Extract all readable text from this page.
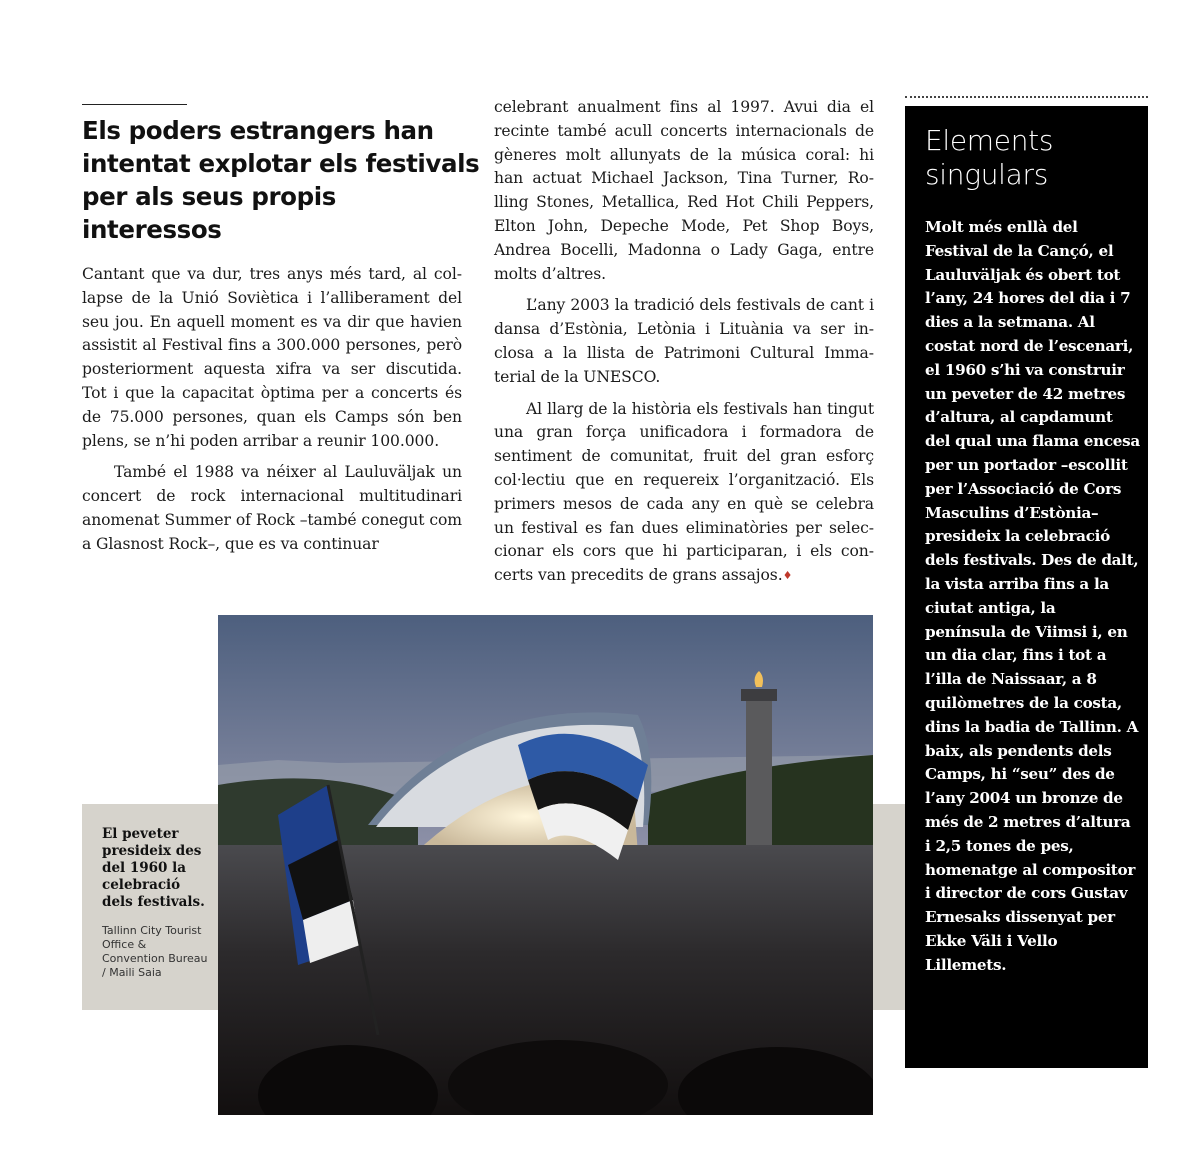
Els poders estrangers han intentat explotar els festivals per als seus propis interessos

Cantant que va dur, tres anys més tard, al collapse de la Unió Soviètica i l’alliberament del seu jou. En aquell moment es va dir que havien assistit al Festival fins a 300.000 persones, però posteriorment aquesta xifra va ser discutida. Tot i que la capacitat òptima per a concerts és de 75.000 persones, quan els Camps són ben plens, se n’hi poden arribar a reunir 100.000.

També el 1988 va néixer al Lauluväljak un concert de rock internacional multitudinari anomenat Summer of Rock –també conegut com a Glasnost Rock–, que es va continuar

celebrant anualment fins al 1997. Avui dia el recinte també acull concerts internacionals de gèneres molt allunyats de la música coral: hi han actuat Michael Jackson, Tina Turner, Rolling Stones, Metallica, Red Hot Chili Peppers, Elton John, Depeche Mode, Pet Shop Boys, Andrea Bocelli, Madonna o Lady Gaga, entre molts d’altres.

L’any 2003 la tradició dels festivals de cant i dansa d’Estònia, Letònia i Lituània va ser inclosa a la llista de Patrimoni Cultural Immaterial de la UNESCO.

Al llarg de la història els festivals han tingut una gran força unificadora i formadora de sentiment de comunitat, fruit del gran esforç col·lectiu que en requereix l’organització. Els primers mesos de cada any en què se celebra un festival es fan dues eliminatòries per seleccionar els cors que hi participaran, i els concerts van precedits de grans assajos.♦

Elements singulars
Molt més enllà del Festival de la Cançó, el Lauluväljak és obert tot l’any, 24 hores del dia i 7 dies a la setmana. Al costat nord de l’escenari, el 1960 s’hi va construir un peveter de 42 metres d’altura, al capdamunt del qual una flama encesa per un portador –escollit per l’Associació de Cors Masculins d’Estònia– presideix la celebració dels festivals. Des de dalt, la vista arriba fins a la ciutat antiga, la península de Viimsi i, en un dia clar, fins i tot a l’illa de Naissaar, a 8 quilòmetres de la costa, dins la badia de Tallinn. A baix, als pendents dels Camps, hi “seu” des de l’any 2004 un bronze de més de 2 metres d’altura i 2,5 tones de pes, homenatge al compositor i director de cors Gustav Ernesaks dissenyat per Ekke Väli i Vello Lillemets.

El peveter presideix des del 1960 la celebració dels festivals.

Tallinn City Tourist Office & Convention Bureau / Maili Saia
